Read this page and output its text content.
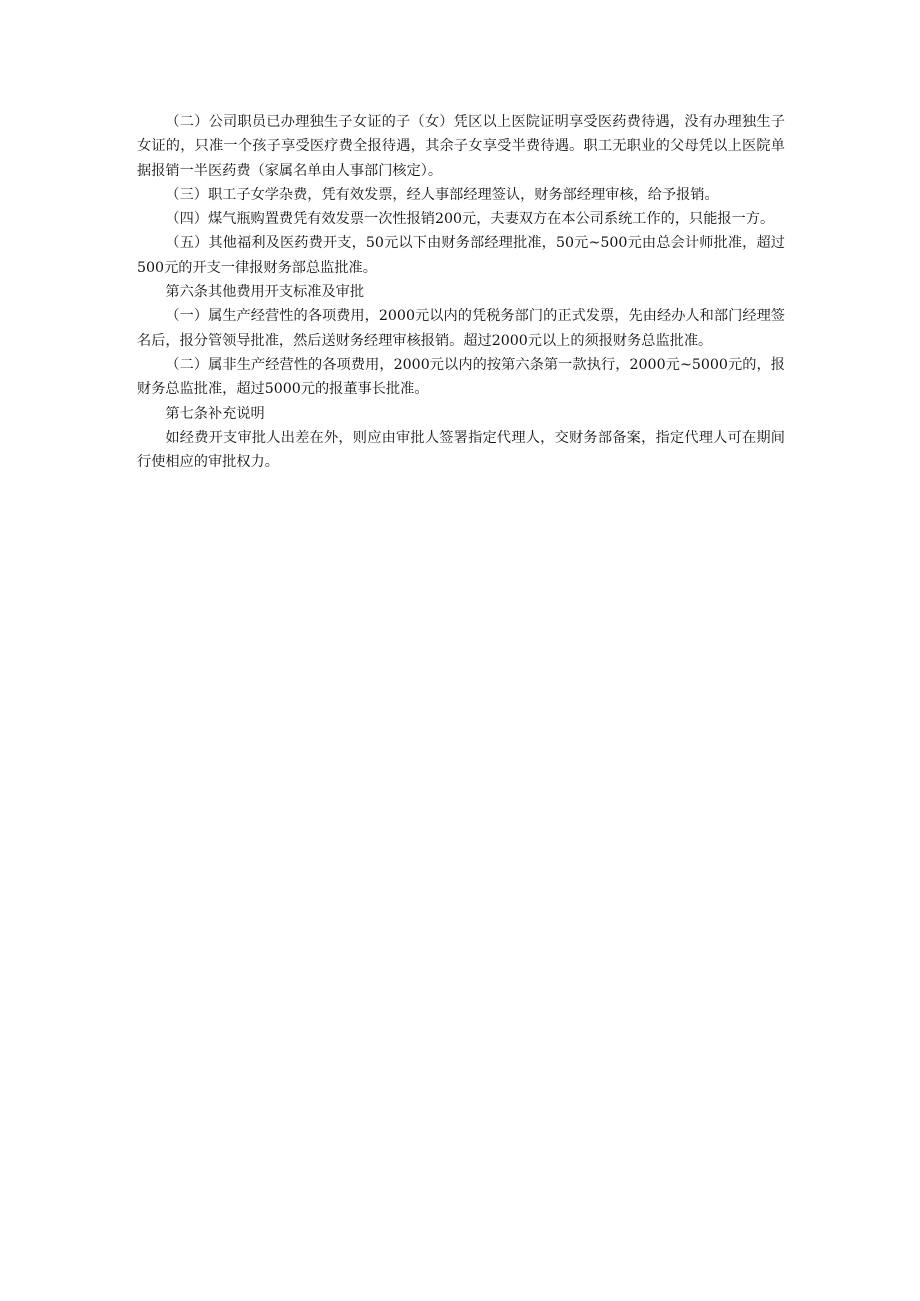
（二）公司职员已办理独生子女证的子（女）凭区以上医院证明享受医药费待遇，没有办理独生子女证的，只准一个孩子享受医疗费全报待遇，其余子女享受半费待遇。职工无职业的父母凭以上医院单据报销一半医药费（家属名单由人事部门核定）。

（三）职工子女学杂费，凭有效发票，经人事部经理签认，财务部经理审核，给予报销。

（四）煤气瓶购置费凭有效发票一次性报销200元，夫妻双方在本公司系统工作的，只能报一方。

（五）其他福利及医药费开支，50元以下由财务部经理批准，50元~500元由总会计师批准，超过500元的开支一律报财务部总监批准。

第六条其他费用开支标准及审批

（一）属生产经营性的各项费用，2000元以内的凭税务部门的正式发票，先由经办人和部门经理签名后，报分管领导批准，然后送财务经理审核报销。超过2000元以上的须报财务总监批准。

（二）属非生产经营性的各项费用，2000元以内的按第六条第一款执行，2000元~5000元的，报财务总监批准，超过5000元的报董事长批准。

第七条补充说明

如经费开支审批人出差在外，则应由审批人签署指定代理人，交财务部备案，指定代理人可在期间行使相应的审批权力。
